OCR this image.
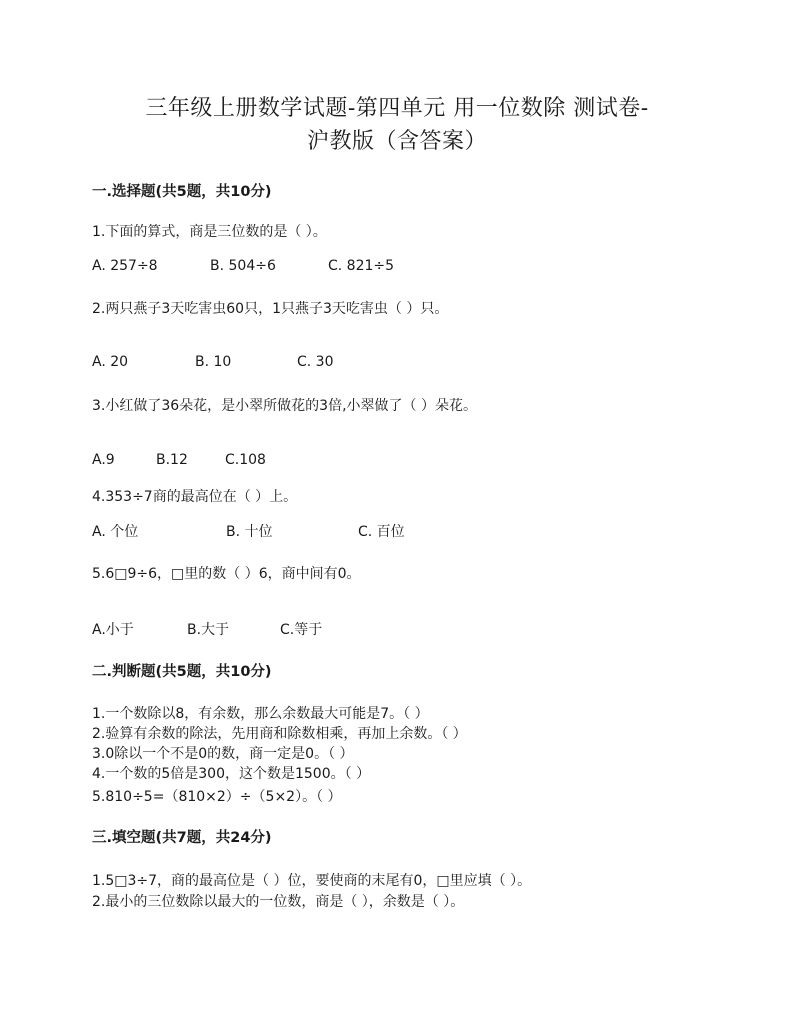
三年级上册数学试题-第四单元 用一位数除 测试卷-
沪教版（含答案）
一.选择题(共5题，共10分)
1.下面的算式，商是三位数的是（ ）。
A. 257÷8	B. 504÷6	C. 821÷5
2.两只燕子3天吃害虫60只，1只燕子3天吃害虫（ ）只。
A. 20	B. 10	C. 30
3.小红做了36朵花，是小翠所做花的3倍,小翠做了（ ）朵花。
A.9	B.12	C.108
4.353÷7商的最高位在（ ）上。
A. 个位	B. 十位	C. 百位
5.6□9÷6，□里的数（ ）6，商中间有0。
A.小于	B.大于	C.等于
二.判断题(共5题，共10分)
1.一个数除以8，有余数，那么余数最大可能是7。（ ）
2.验算有余数的除法，先用商和除数相乘，再加上余数。（ ）
3.0除以一个不是0的数，商一定是0。（ ）
4.一个数的5倍是300，这个数是1500。（ ）
5.810÷5=（810×2）÷（5×2）。（ ）
三.填空题(共7题，共24分)
1.5□3÷7，商的最高位是（ ）位，要使商的末尾有0，□里应填（ ）。
2.最小的三位数除以最大的一位数，商是（ ），余数是（ ）。
